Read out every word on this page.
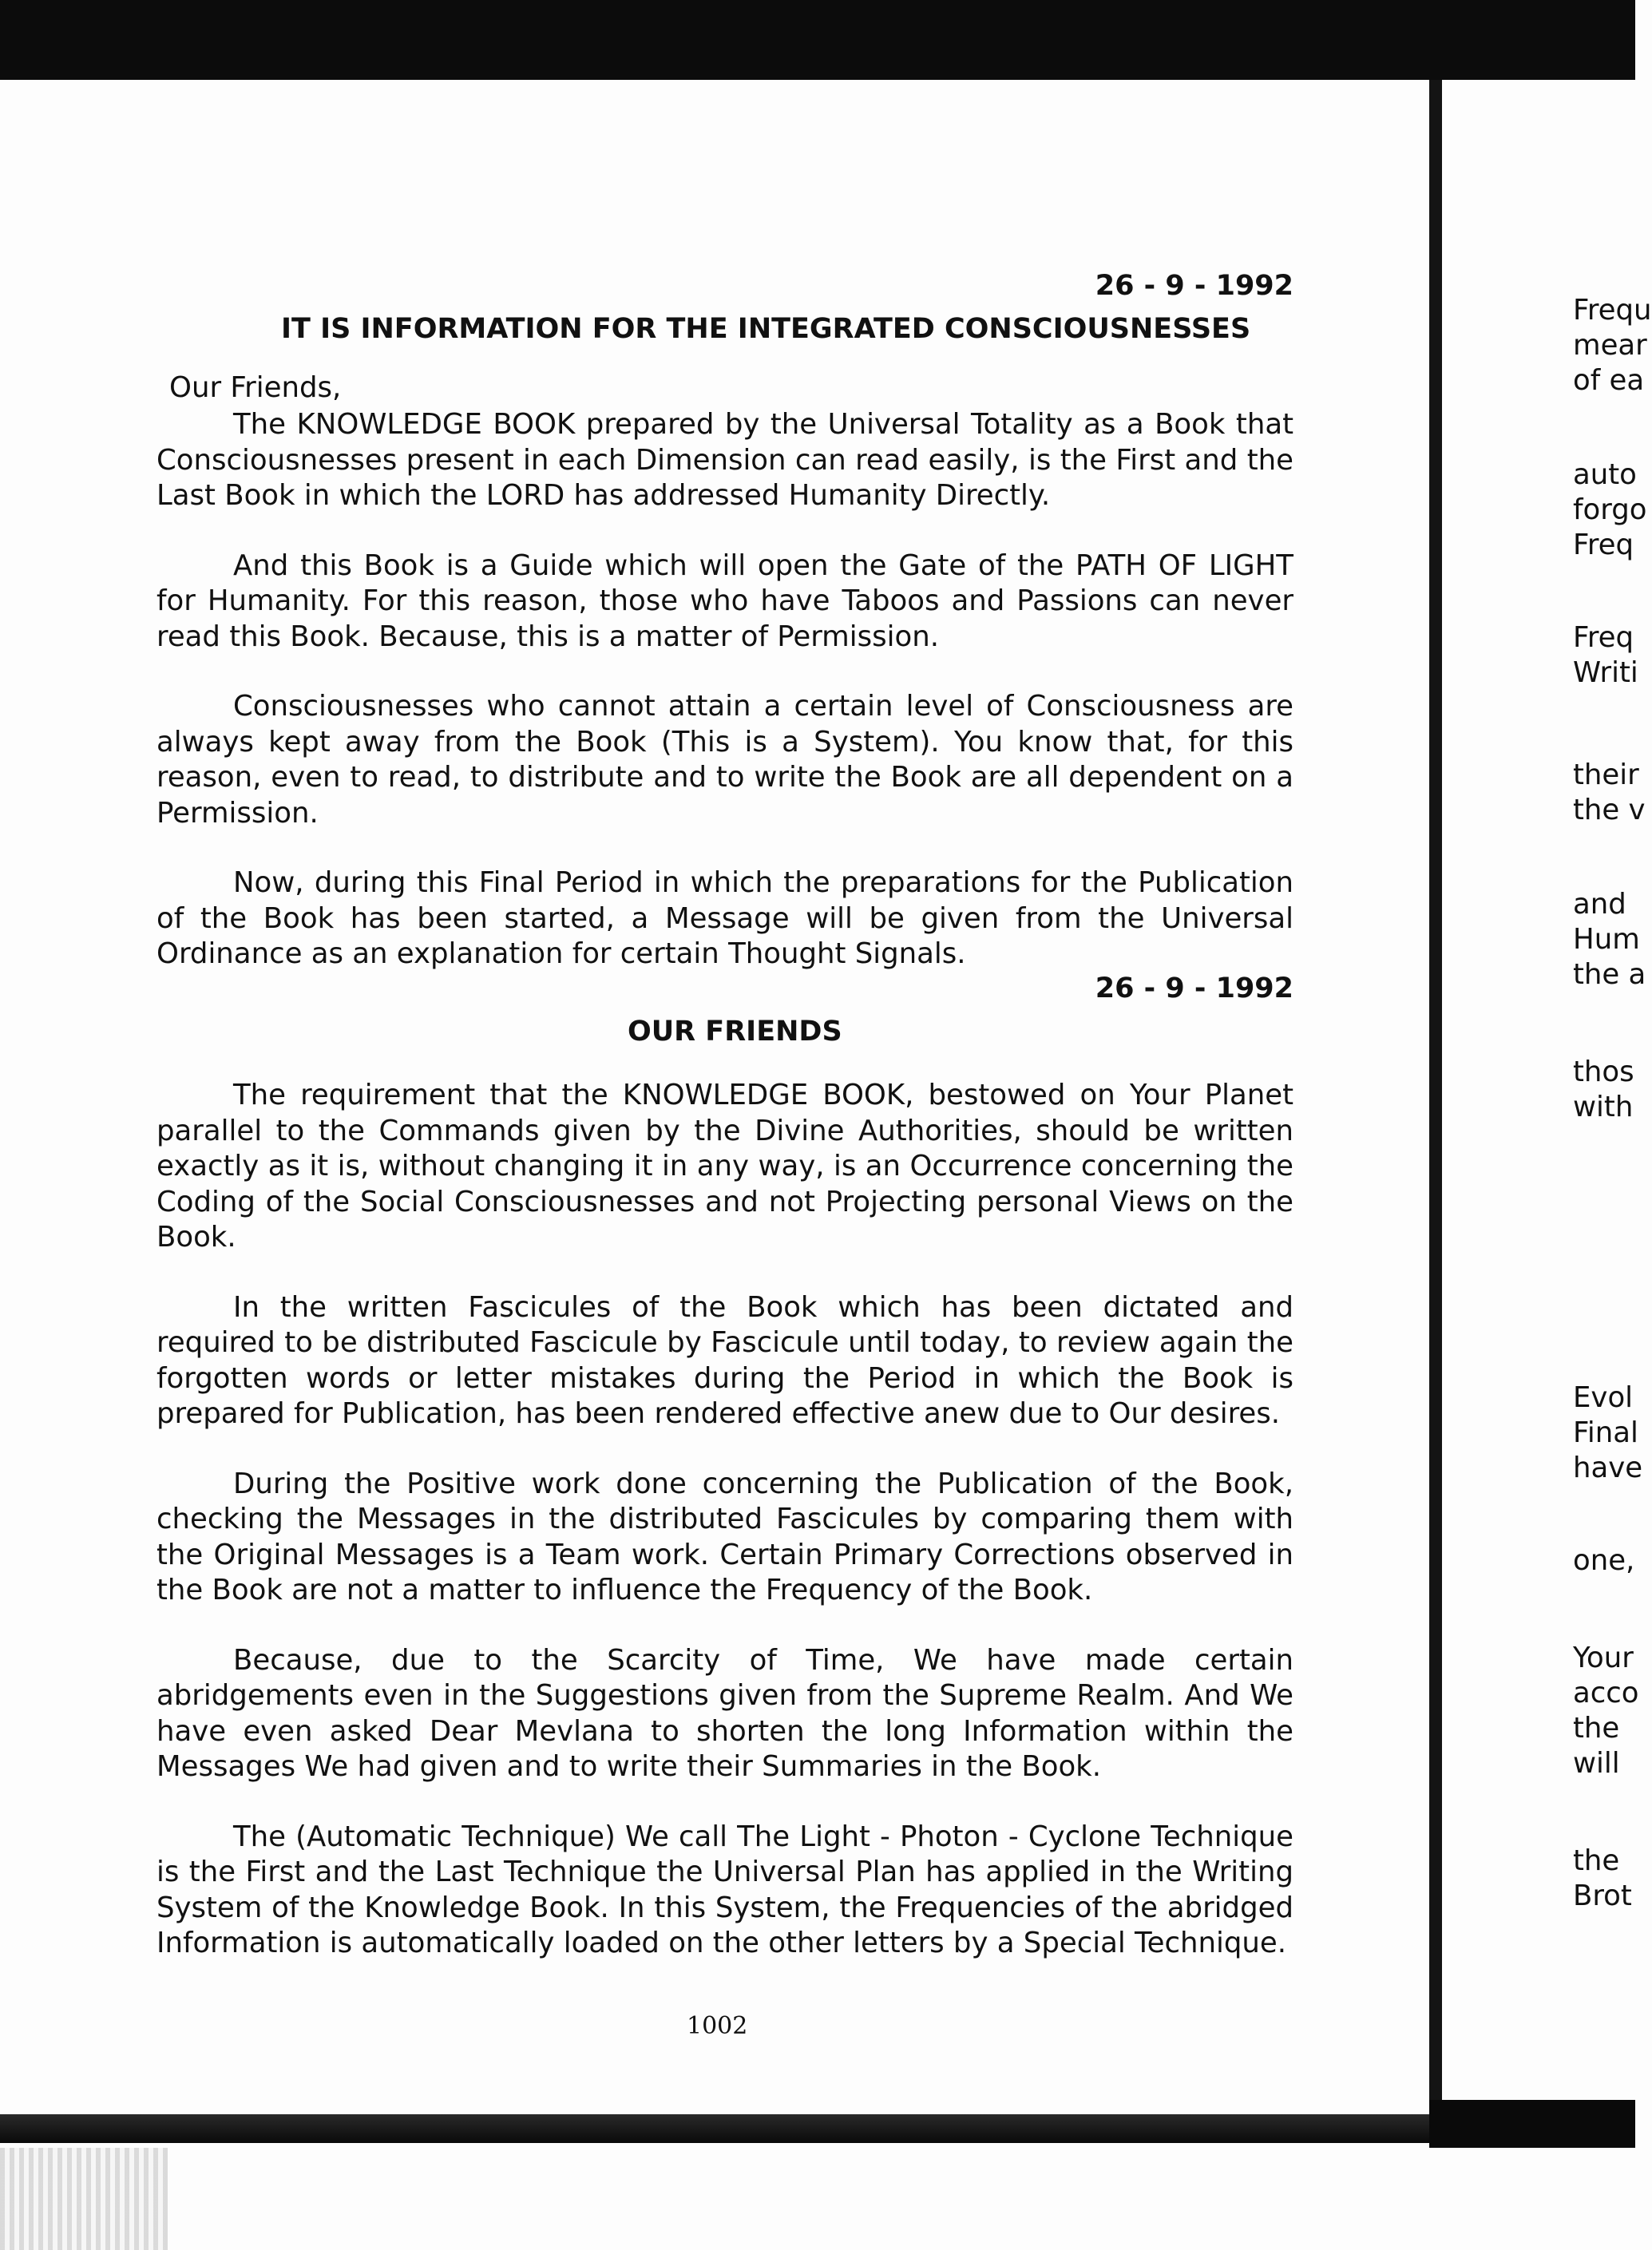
26 - 9 - 1992
IT IS INFORMATION FOR THE INTEGRATED CONSCIOUSNESSES

Our Friends,

The KNOWLEDGE BOOK prepared by the Universal Totality as a Book that Consciousnesses present in each Dimension can read easily, is the First and the Last Book in which the LORD has addressed Humanity Directly.

And this Book is a Guide which will open the Gate of the PATH OF LIGHT for Humanity. For this reason, those who have Taboos and Passions can never read this Book. Because, this is a matter of Permission.

Consciousnesses who cannot attain a certain level of Consciousness are always kept away from the Book (This is a System). You know that, for this reason, even to read, to distribute and to write the Book are all dependent on a Permission.

Now, during this Final Period in which the preparations for the Publication of the Book has been started, a Message will be given from the Universal Ordinance as an explanation for certain Thought Signals.

26 - 9 - 1992
OUR FRIENDS

The requirement that the KNOWLEDGE BOOK, bestowed on Your Planet parallel to the Commands given by the Divine Authorities, should be written exactly as it is, without changing it in any way, is an Occurrence concerning the Coding of the Social Consciousnesses and not Projecting personal Views on the Book.

In the written Fascicules of the Book which has been dictated and required to be distributed Fascicule by Fascicule until today, to review again the forgotten words or letter mistakes during the Period in which the Book is prepared for Publication, has been rendered effective anew due to Our desires.

During the Positive work done concerning the Publication of the Book, checking the Messages in the distributed Fascicules by comparing them with the Original Messages is a Team work. Certain Primary Corrections observed in the Book are not a matter to influence the Frequency of the Book.

Because, due to the Scarcity of Time, We have made certain abridgements even in the Suggestions given from the Supreme Realm. And We have even asked Dear Mevlana to shorten the long Information within the Messages We had given and to write their Summaries in the Book.

The (Automatic Technique) We call The Light - Photon - Cyclone Technique is the First and the Last Technique the Universal Plan has applied in the Writing System of the Knowledge Book. In this System, the Frequencies of the abridged Information is automatically loaded on the other letters by a Special Technique.

1002
Frequ
mear
of ea
auto
forgo
Freq
Freq
Writi
their
the v
and
Hum
the a
thos
with
Evol
Final
have
one,
Your
acco
the
will
the
Brot
